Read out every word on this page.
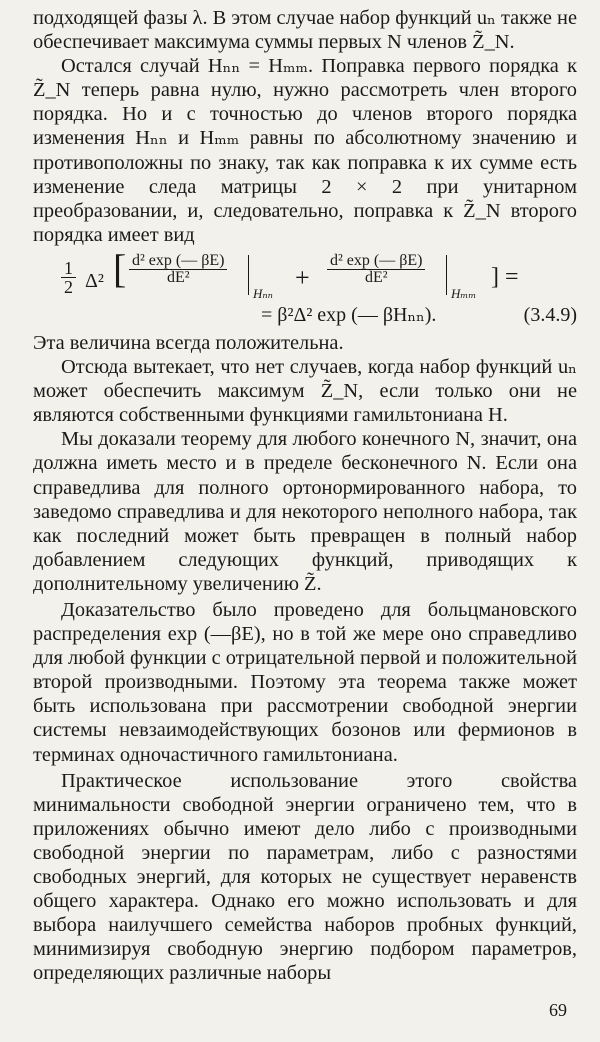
подходящей фазы λ. В этом случае набор функций uₙ также не обеспечивает максимума суммы первых N членов Z̃_N.

Остался случай Hₙₙ = Hₘₘ. Поправка первого порядка к Z̃_N теперь равна нулю, нужно рассмотреть член второго порядка. Но и с точностью до членов второго порядка изменения Hₙₙ и Hₘₘ равны по абсолютному значению и противоположны по знаку, так как поправка к их сумме есть изменение следа матрицы 2 × 2 при унитарном преобразовании, и, следовательно, поправка к Z̃_N второго порядка имеет вид

$\frac{1}{2} \Delta^2$ [ $\frac{\text{d² exp (— βE)}}{\text{dE²}}$
Hₙₙ
+ $\frac{\text{d² exp (— βE)}}{\text{dE²}}$
Hₘₘ
] =
= β²Δ² exp (— βHₙₙ).	(3.4.9)

Эта величина всегда положительна.

Отсюда вытекает, что нет случаев, когда набор функций uₙ может обеспечить максимум Z̃_N, если только они не являются собственными функциями гамильтониана H.

Мы доказали теорему для любого конечного N, значит, она должна иметь место и в пределе бесконечного N. Если она справедлива для полного ортонормированного набора, то заведомо справедлива и для некоторого неполного набора, так как последний может быть превращен в полный набор добавлением следующих функций, приводящих к дополнительному увеличению Z̃.

Доказательство было проведено для больцмановского распределения exp (—βE), но в той же мере оно справедливо для любой функции с отрицательной первой и положительной второй производными. Поэтому эта теорема также может быть использована при рассмотрении свободной энергии системы невзаимодействующих бозонов или фермионов в терминах одночастичного гамильтониана.

Практическое использование этого свойства минимальности свободной энергии ограничено тем, что в приложениях обычно имеют дело либо с производными свободной энергии по параметрам, либо с разностями свободных энергий, для которых не существует неравенств общего характера. Однако его можно использовать и для выбора наилучшего семейства наборов пробных функций, минимизируя свободную энергию подбором параметров, определяющих различные наборы

69
